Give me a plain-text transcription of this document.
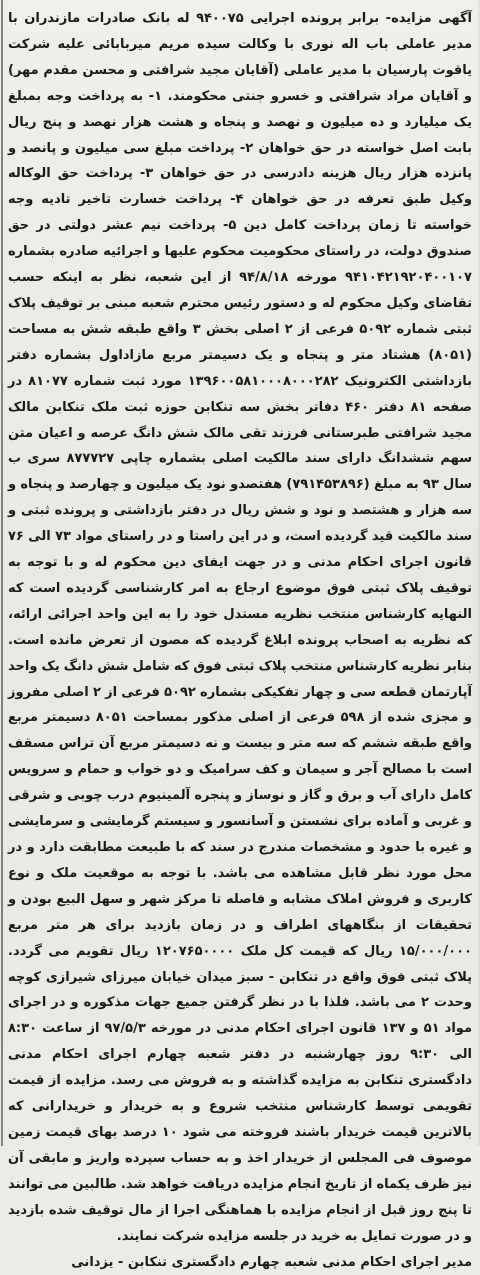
آگهی مزایده- برابر پرونده اجرایی ۹۴۰۰۷۵ له بانک صادرات مازندران با مدیر عاملی باب اله نوری با وکالت سیده مریم میربابائی علیه شرکت یاقوت پارسیان با مدیر عاملی (آقایان مجید شرافتی و محسن مقدم مهر) و آقایان مراد شرافتی و خسرو جنتی محکومند. ۱- به پرداخت وجه بمبلغ یک میلیارد و ده میلیون و نهصد و پنجاه و هشت هزار نهصد و پنج ریال بابت اصل خواسته در حق خواهان ۲- پرداخت مبلغ سی میلیون و پانصد و پانزده هزار ریال هزینه دادرسی در حق خواهان ۳- پرداخت حق الوکاله وکیل طبق تعرفه در حق خواهان ۴- پرداخت خسارت تاخیر تادیه وجه خواسته تا زمان پرداخت کامل دین ۵- پرداخت نیم عشر دولتی در حق صندوق دولت، در راستای محکومیت محکوم علیها و اجرائیه صادره بشماره ۹۴۱۰۴۲۱۹۲۰۴۰۰۱۰۷ مورخه ۹۴/۸/۱۸ از این شعبه، نظر به اینکه حسب تقاضای وکیل محکوم له و دستور رئیس محترم شعبه مبنی بر توقیف پلاک ثبتی شماره ۵۰۹۲ فرعی از ۲ اصلی بخش ۳ واقع طبقه شش به مساحت (۸۰۵۱) هشتاد متر و پنجاه و یک دسیمتر مربع مازاداول بشماره دفتر بازداشتی الکترونیک ۱۳۹۶۰۰۵۸۱۰۰۰۸۰۰۰۲۸۲ مورد ثبت شماره ۸۱۰۷۷ در صفحه ۸۱ دفتر ۴۶۰ دفاتر بخش سه تنکابن حوزه ثبت ملک تنکابن مالک مجید شرافتی طبرستانی فرزند تقی مالک شش دانگ عرصه و اعیان متن سهم ششدانگ دارای سند مالکیت اصلی بشماره چاپی ۸۷۷۷۲۷ سری ب سال ۹۳ به مبلغ (۷۹۱۴۵۳۸۹۶) هفتصدو نود یک میلیون و چهارصد و پنجاه و سه هزار و هشتصد و نود و شش ریال در دفتر بازداشتی و پرونده ثبتی و سند مالکیت قید گردیده است، و در این راستا و در راستای مواد ۷۳ الی ۷۶ قانون اجرای احکام مدنی و در جهت ایفای دین محکوم له و با توجه به توقیف پلاک ثبتی فوق موضوع ارجاع به امر کارشناسی گردیده است که النهایه کارشناس منتخب نظریه مستدل خود را به این واحد اجرائی ارائه، که نظریه به اصحاب پرونده ابلاغ گردیده که مصون از تعرض مانده است. بنابر نظریه کارشناس منتخب پلاک ثبتی فوق که شامل شش دانگ یک واحد آپارتمان قطعه سی و چهار تفکیکی بشماره ۵۰۹۲ فرعی از ۲ اصلی مفروز و مجزی شده از ۵۹۸ فرعی از اصلی مذکور بمساحت ۸۰۵۱ دسیمتر مربع واقع طبقه ششم که سه متر و بیست و نه دسیمتر مربع آن تراس مسقف است با مصالح آجر و سیمان و کف سرامیک و دو خواب و حمام و سرویس کامل دارای آب و برق و گاز و نوساز و پنجره آلمینیوم درب چوبی و شرقی و غربی و آماده برای نشستن و آسانسور و سیستم گرمایشی و سرمایشی و غیره با حدود و مشخصات مندرج در سند که با طبیعت مطابقت دارد و در محل مورد نظر قابل مشاهده می باشد. با توجه به موقعیت ملک و نوع کاربری و فروش املاک مشابه و فاصله تا مرکز شهر و سهل البیع بودن و تحقیقات از بنگاههای اطراف و در زمان بازدید برای هر متر مربع ۱۵/۰۰۰/۰۰۰ ریال که قیمت کل ملک ۱۲۰۷۶۵۰۰۰۰ ریال تقویم می گردد. پلاک ثبتی فوق واقع در تنکابن - سبز میدان خیابان میرزای شیرازی کوچه وحدت ۲ می باشد. فلذا با در نظر گرفتن جمیع جهات مذکوره و در اجرای مواد ۵۱ و ۱۳۷ قانون اجرای احکام مدنی در مورخه ۹۷/۵/۳ از ساعت ۸:۳۰ الی ۹:۳۰ روز چهارشنبه در دفتر شعبه چهارم اجرای احکام مدنی دادگستری تنکابن به مزایده گذاشته و به فروش می رسد. مزایده از قیمت تقویمی توسط کارشناس منتخب شروع و به خریدار و خریدارانی که بالاترین قیمت خریدار باشند فروخته می شود ۱۰ درصد بهای قیمت زمین موصوف فی المجلس از خریدار اخذ و به حساب سپرده واریز و مابقی آن نیز ظرف یکماه از تاریخ انجام مزایده دریافت خواهد شد. طالبین می توانند تا پنج روز قبل از انجام مزایده با هماهنگی اجرا از مال توقیف شده بازدید و در صورت تمایل به خرید در جلسه مزایده شرکت نمایند.

مدیر اجرای احکام مدنی شعبه چهارم دادگستری تنکابن - یزدانی
